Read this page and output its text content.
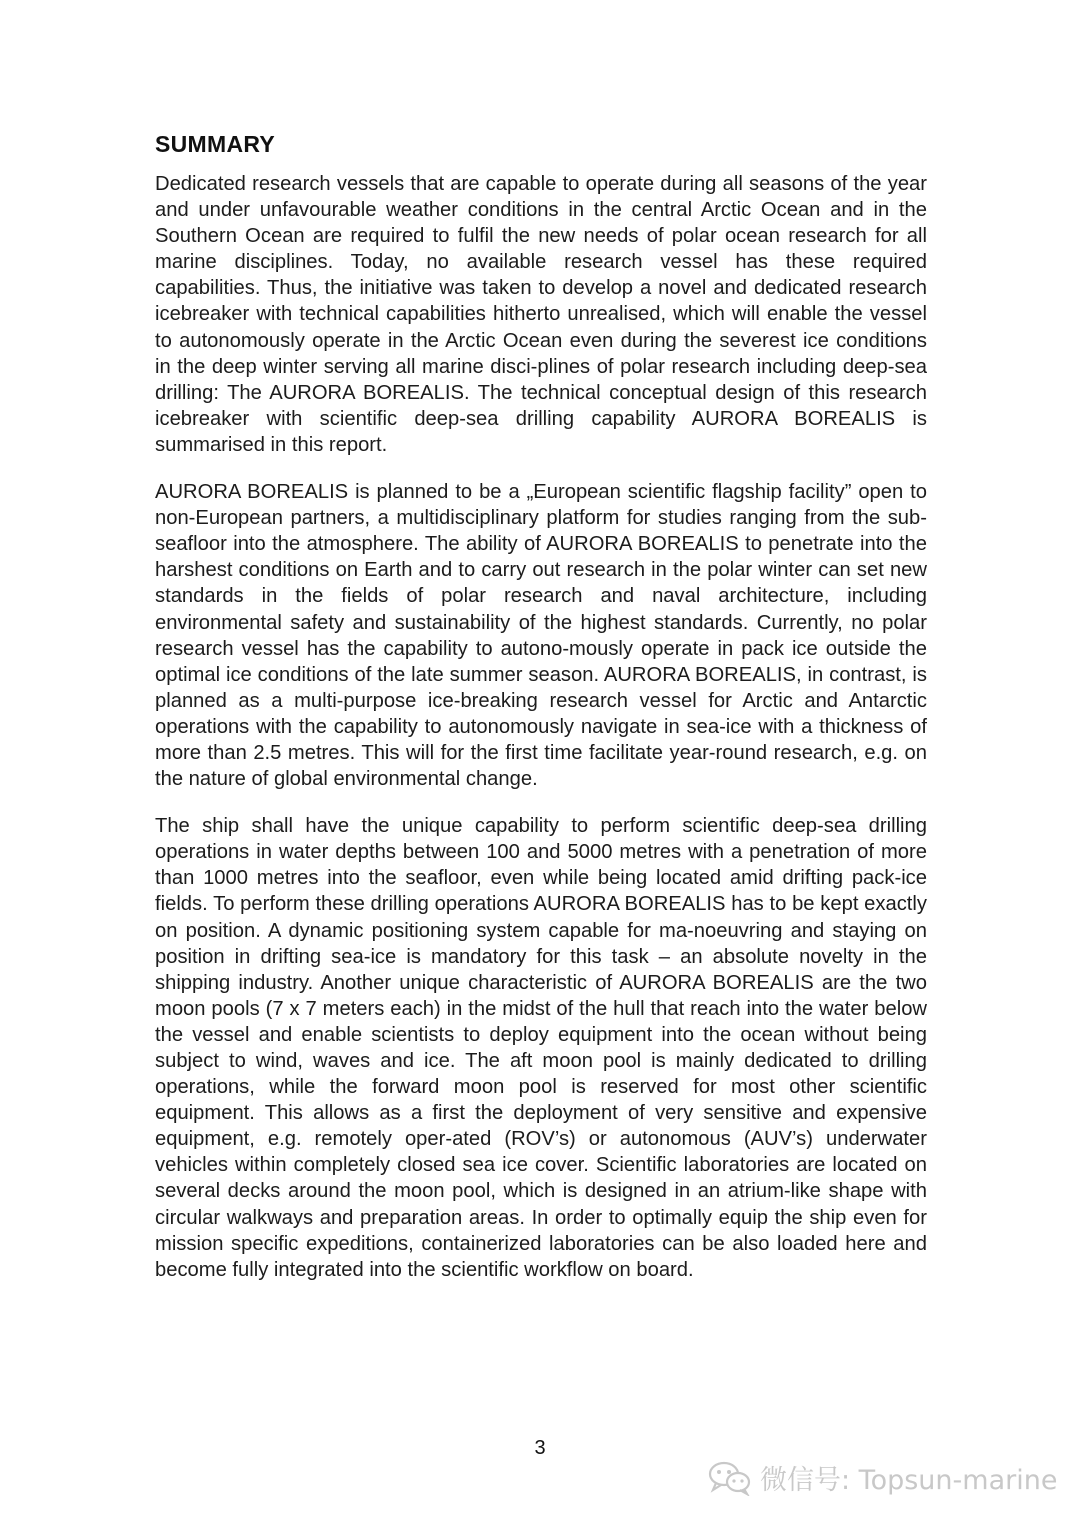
SUMMARY

Dedicated research vessels that are capable to operate during all seasons of the year and under unfavourable weather conditions in the central Arctic Ocean and in the Southern Ocean are required to fulfil the new needs of polar ocean research for all marine disciplines. Today, no available research vessel has these required capabilities. Thus, the initiative was taken to develop a novel and dedicated research icebreaker with technical capabilities hitherto unrealised, which will enable the vessel to autonomously operate in the Arctic Ocean even during the severest ice conditions in the deep winter serving all marine disci-plines of polar research including deep-sea drilling: The AURORA BOREALIS. The technical conceptual design of this research icebreaker with scientific deep-sea drilling capability AURORA BOREALIS is summarised in this report.

AURORA BOREALIS is planned to be a „European scientific flagship facility” open to non-European partners, a multidisciplinary platform for studies ranging from the sub-seafloor into the atmosphere. The ability of AURORA BOREALIS to penetrate into the harshest conditions on Earth and to carry out research in the polar winter can set new standards in the fields of polar research and naval architecture, including environmental safety and sustainability of the highest standards. Currently, no polar research vessel has the capability to autono-mously operate in pack ice outside the optimal ice conditions of the late summer season. AURORA BOREALIS, in contrast, is planned as a multi-purpose ice-breaking research vessel for Arctic and Antarctic operations with the capability to autonomously navigate in sea-ice with a thickness of more than 2.5 metres. This will for the first time facilitate year-round research, e.g. on the nature of global environmental change.

The ship shall have the unique capability to perform scientific deep-sea drilling operations in water depths between 100 and 5000 metres with a penetration of more than 1000 metres into the seafloor, even while being located amid drifting pack-ice fields. To perform these drilling operations AURORA BOREALIS has to be kept exactly on position. A dynamic positioning system capable for ma-noeuvring and staying on position in drifting sea-ice is mandatory for this task – an absolute novelty in the shipping industry. Another unique characteristic of AURORA BOREALIS are the two moon pools (7 x 7 meters each) in the midst of the hull that reach into the water below the vessel and enable scientists to deploy equipment into the ocean without being subject to wind, waves and ice. The aft moon pool is mainly dedicated to drilling operations, while the forward moon pool is reserved for most other scientific equipment. This allows as a first the deployment of very sensitive and expensive equipment, e.g. remotely oper-ated (ROV’s) or autonomous (AUV’s) underwater vehicles within completely closed sea ice cover. Scientific laboratories are located on several decks around the moon pool, which is designed in an atrium-like shape with circular walkways and preparation areas. In order to optimally equip the ship even for mission specific expeditions, containerized laboratories can be also loaded here and become fully integrated into the scientific workflow on board.

3
微信号: Topsun-marine
